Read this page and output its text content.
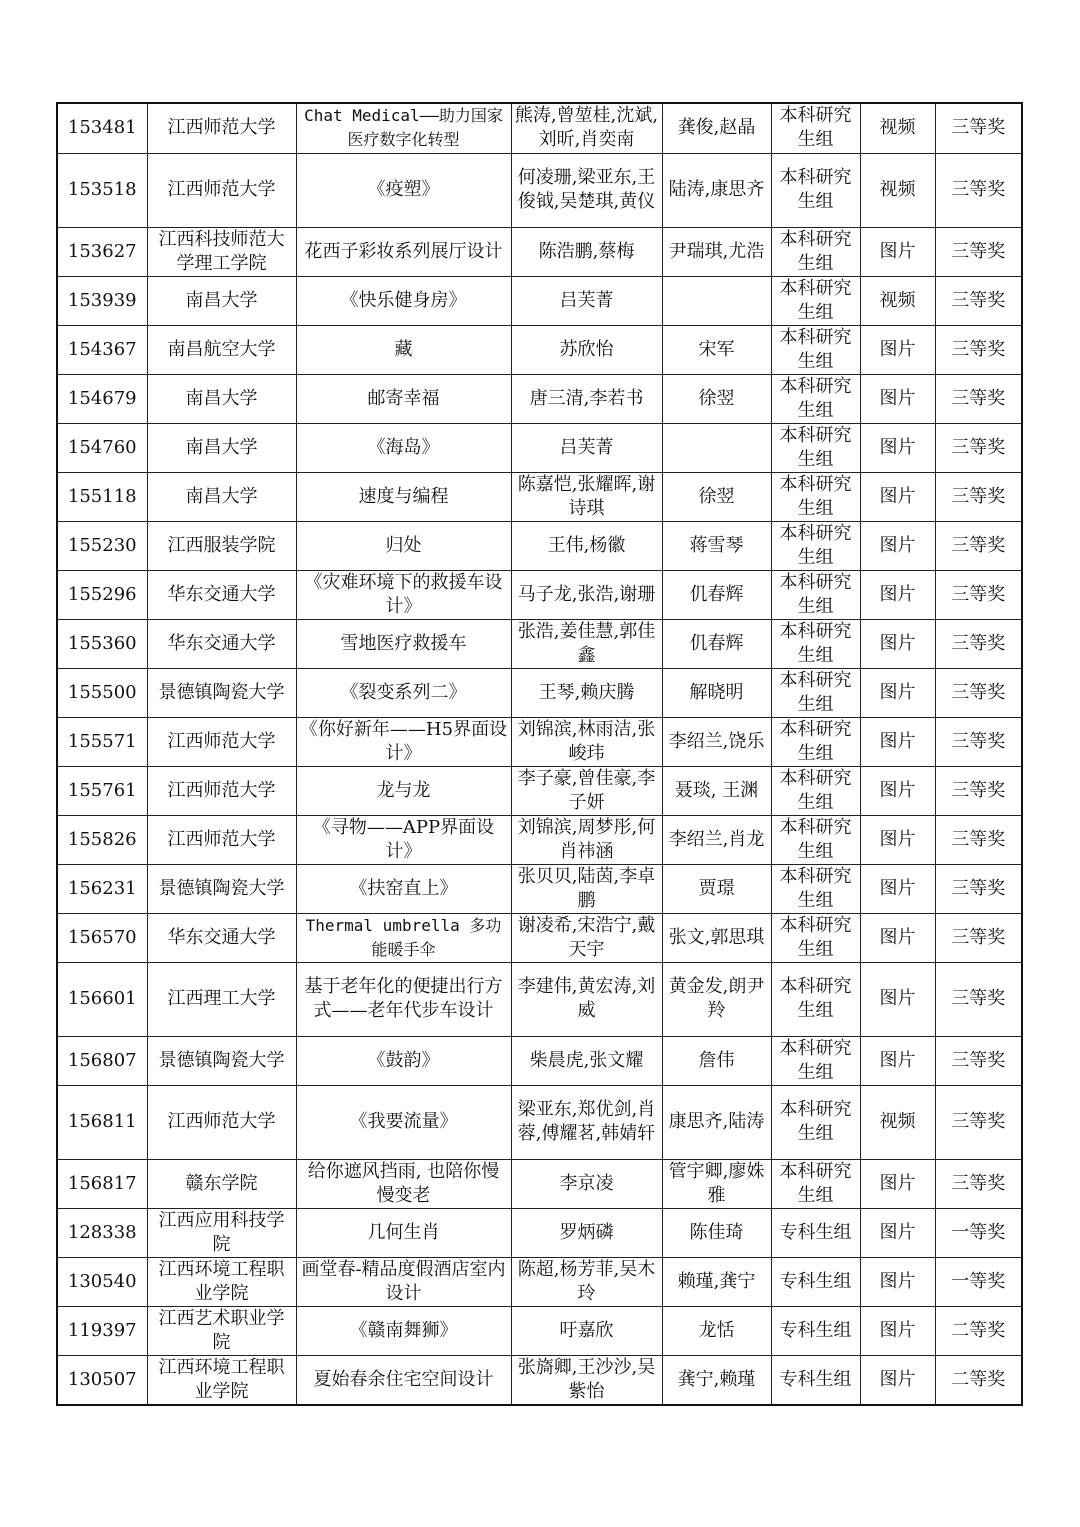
153481	江西师范大学	Chat Medical——助力国家医疗数字化转型	熊涛,曾堃桂,沈斌,刘昕,肖奕南	龚俊,赵晶	本科研究生组	视频	三等奖
153518	江西师范大学	《疫塑》	何凌珊,梁亚东,王俊钺,吴楚琪,黄仪	陆涛,康思齐	本科研究生组	视频	三等奖
153627	江西科技师范大学理工学院	花西子彩妆系列展厅设计	陈浩鹏,蔡梅	尹瑞琪,尤浩	本科研究生组	图片	三等奖
153939	南昌大学	《快乐健身房》	吕芙菁		本科研究生组	视频	三等奖
154367	南昌航空大学	藏	苏欣怡	宋军	本科研究生组	图片	三等奖
154679	南昌大学	邮寄幸福	唐三清,李若书	徐翌	本科研究生组	图片	三等奖
154760	南昌大学	《海岛》	吕芙菁		本科研究生组	图片	三等奖
155118	南昌大学	速度与编程	陈嘉恺,张耀晖,谢诗琪	徐翌	本科研究生组	图片	三等奖
155230	江西服装学院	归处	王伟,杨徽	蒋雪琴	本科研究生组	图片	三等奖
155296	华东交通大学	《灾难环境下的救援车设计》	马子龙,张浩,谢珊	仉春辉	本科研究生组	图片	三等奖
155360	华东交通大学	雪地医疗救援车	张浩,姜佳慧,郭佳鑫	仉春辉	本科研究生组	图片	三等奖
155500	景德镇陶瓷大学	《裂变系列二》	王琴,赖庆腾	解晓明	本科研究生组	图片	三等奖
155571	江西师范大学	《你好新年——H5界面设计》	刘锦滨,林雨洁,张峻玮	李绍兰,饶乐	本科研究生组	图片	三等奖
155761	江西师范大学	龙与龙	李子豪,曾佳豪,李子妍	聂琰, 王渊	本科研究生组	图片	三等奖
155826	江西师范大学	《寻物——APP界面设计》	刘锦滨,周梦彤,何肖祎涵	李绍兰,肖龙	本科研究生组	图片	三等奖
156231	景德镇陶瓷大学	《扶窑直上》	张贝贝,陆茵,李卓鹏	贾璟	本科研究生组	图片	三等奖
156570	华东交通大学	Thermal umbrella 多功能暖手伞	谢凌希,宋浩宁,戴天宇	张文,郭思琪	本科研究生组	图片	三等奖
156601	江西理工大学	基于老年化的便捷出行方式——老年代步车设计	李建伟,黄宏涛,刘威	黄金发,朗尹羚	本科研究生组	图片	三等奖
156807	景德镇陶瓷大学	《鼓韵》	柴晨虎,张文耀	詹伟	本科研究生组	图片	三等奖
156811	江西师范大学	《我要流量》	梁亚东,郑优剑,肖蓉,傅耀茗,韩婧轩	康思齐,陆涛	本科研究生组	视频	三等奖
156817	赣东学院	给你遮风挡雨, 也陪你慢慢变老	李京凌	管宇卿,廖姝雅	本科研究生组	图片	三等奖
128338	江西应用科技学院	几何生肖	罗炳磷	陈佳琦	专科生组	图片	一等奖
130540	江西环境工程职业学院	画堂春-精品度假酒店室内设计	陈超,杨芳菲,吴木玲	赖瑾,龚宁	专科生组	图片	一等奖
119397	江西艺术职业学院	《赣南舞狮》	吁嘉欣	龙恬	专科生组	图片	二等奖
130507	江西环境工程职业学院	夏始春余住宅空间设计	张旖卿,王沙沙,吴紫怡	龚宁,赖瑾	专科生组	图片	二等奖
